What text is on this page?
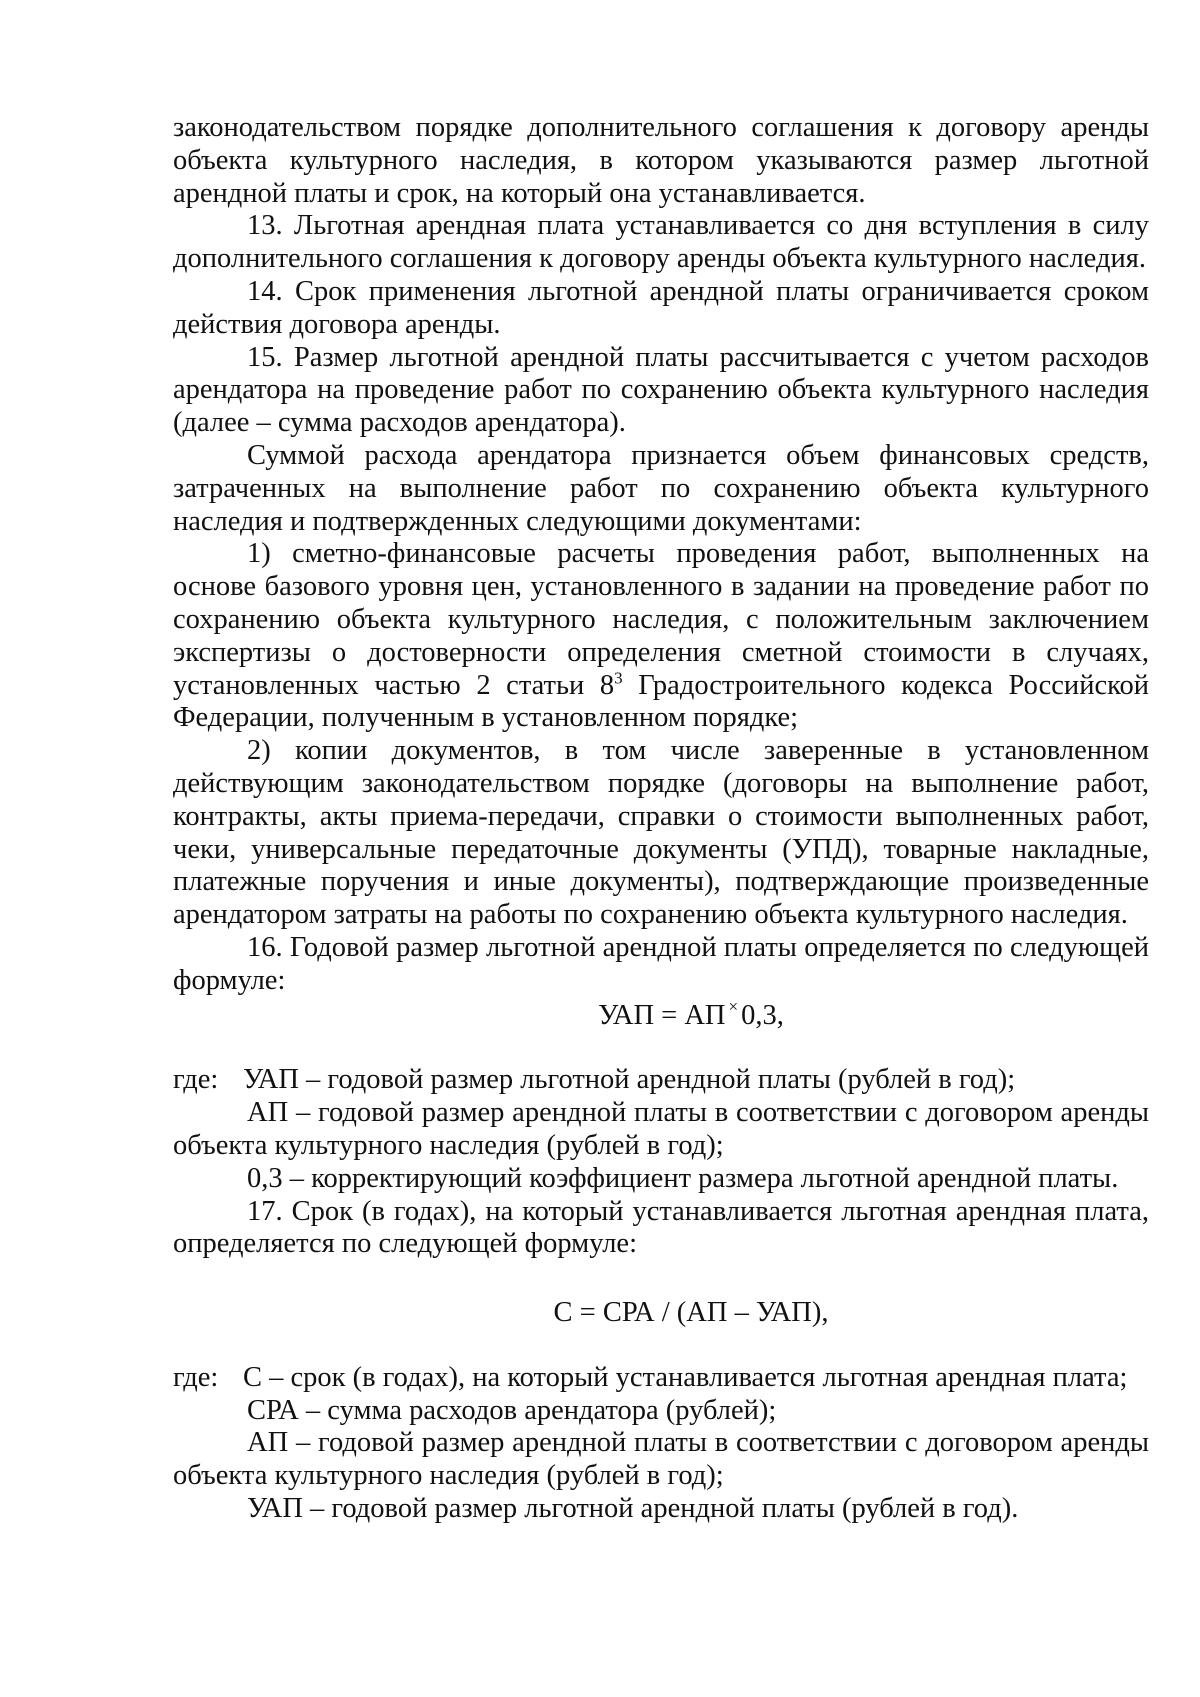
законодательством порядке дополнительного соглашения к договору аренды объекта культурного наследия, в котором указываются размер льготной арендной платы и срок, на который она устанавливается.

13. Льготная арендная плата устанавливается со дня вступления в силу дополнительного соглашения к договору аренды объекта культурного наследия.

14. Срок применения льготной арендной платы ограничивается сроком действия договора аренды.

15. Размер льготной арендной платы рассчитывается с учетом расходов арендатора на проведение работ по сохранению объекта культурного наследия (далее – сумма расходов арендатора).

Суммой расхода арендатора признается объем финансовых средств, затраченных на выполнение работ по сохранению объекта культурного наследия и подтвержденных следующими документами:

1) сметно-финансовые расчеты проведения работ, выполненных на основе базового уровня цен, установленного в задании на проведение работ по сохранению объекта культурного наследия, с положительным заключением экспертизы о достоверности определения сметной стоимости в случаях, установленных частью 2 статьи $8^3$ Градостроительного кодекса Российской Федерации, полученным в установленном порядке;

2) копии документов, в том числе заверенные в установленном действующим законодательством порядке (договоры на выполнение работ, контракты, акты приема-передачи, справки о стоимости выполненных работ, чеки, универсальные передаточные документы (УПД), товарные накладные, платежные поручения и иные документы), подтверждающие произведенные арендатором затраты на работы по сохранению объекта культурного наследия.

16. Годовой размер льготной арендной платы определяется по следующей формуле:

УАП = АП × 0,3,

где: УАП – годовой размер льготной арендной платы (рублей в год);

АП – годовой размер арендной платы в соответствии с договором аренды объекта культурного наследия (рублей в год);

0,3 – корректирующий коэффициент размера льготной арендной платы.

17. Срок (в годах), на который устанавливается льготная арендная плата, определяется по следующей формуле:

С = СРА / (АП – УАП),

где: С – срок (в годах), на который устанавливается льготная арендная плата;

СРА – сумма расходов арендатора (рублей);

АП – годовой размер арендной платы в соответствии с договором аренды объекта культурного наследия (рублей в год);

УАП – годовой размер льготной арендной платы (рублей в год).
